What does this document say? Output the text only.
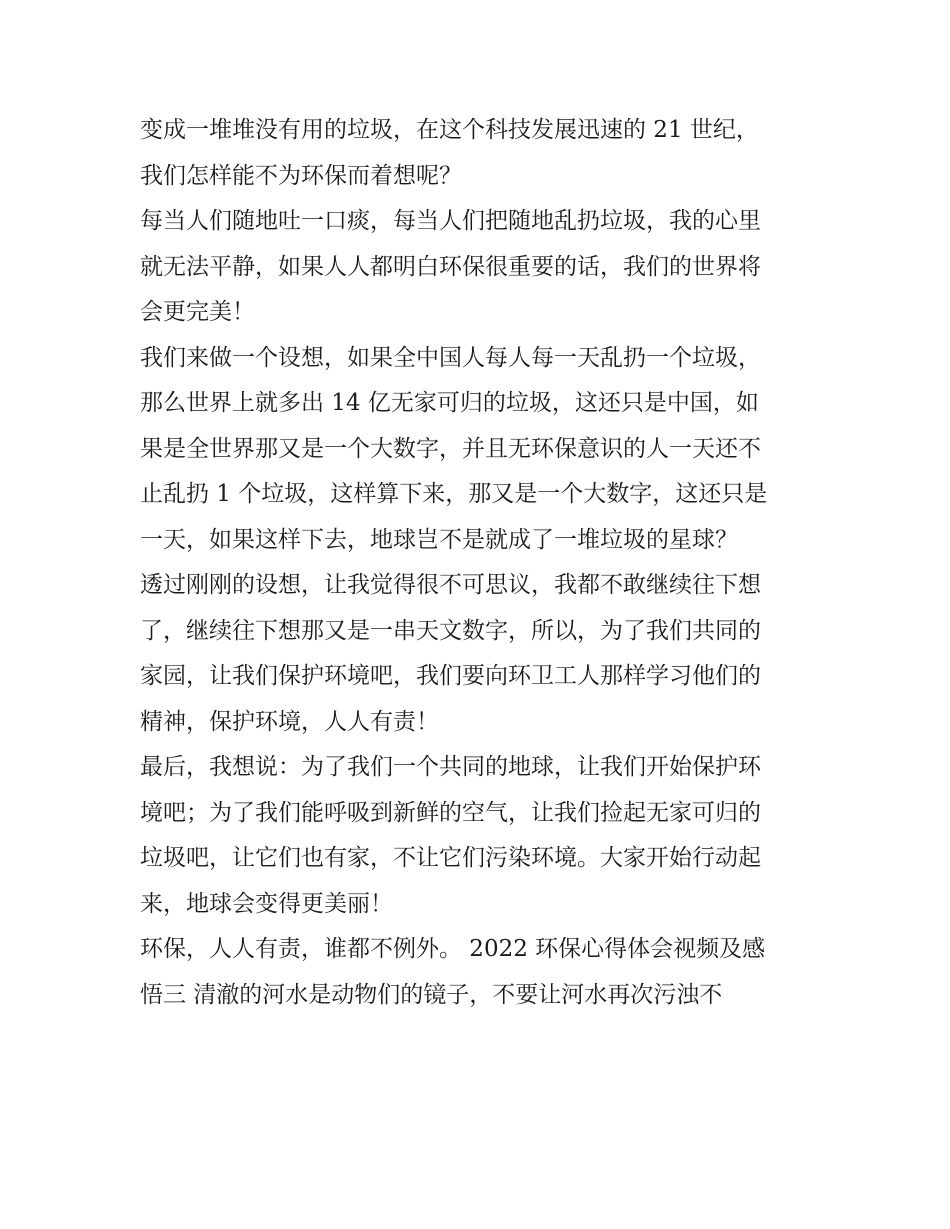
变成一堆堆没有用的垃圾，在这个科技发展迅速的 21 世纪，
我们怎样能不为环保而着想呢？
每当人们随地吐一口痰，每当人们把随地乱扔垃圾，我的心里
就无法平静，如果人人都明白环保很重要的话，我们的世界将
会更完美！
我们来做一个设想，如果全中国人每人每一天乱扔一个垃圾，
那么世界上就多出 14 亿无家可归的垃圾，这还只是中国，如
果是全世界那又是一个大数字，并且无环保意识的人一天还不
止乱扔 1 个垃圾，这样算下来，那又是一个大数字，这还只是
一天，如果这样下去，地球岂不是就成了一堆垃圾的星球？
透过刚刚的设想，让我觉得很不可思议，我都不敢继续往下想
了，继续往下想那又是一串天文数字，所以，为了我们共同的
家园，让我们保护环境吧，我们要向环卫工人那样学习他们的
精神，保护环境，人人有责！
最后，我想说：为了我们一个共同的地球，让我们开始保护环
境吧；为了我们能呼吸到新鲜的空气，让我们捡起无家可归的
垃圾吧，让它们也有家，不让它们污染环境。大家开始行动起
来，地球会变得更美丽！
环保，人人有责，谁都不例外。 2022 环保心得体会视频及感
悟三 清澈的河水是动物们的镜子，不要让河水再次污浊不
